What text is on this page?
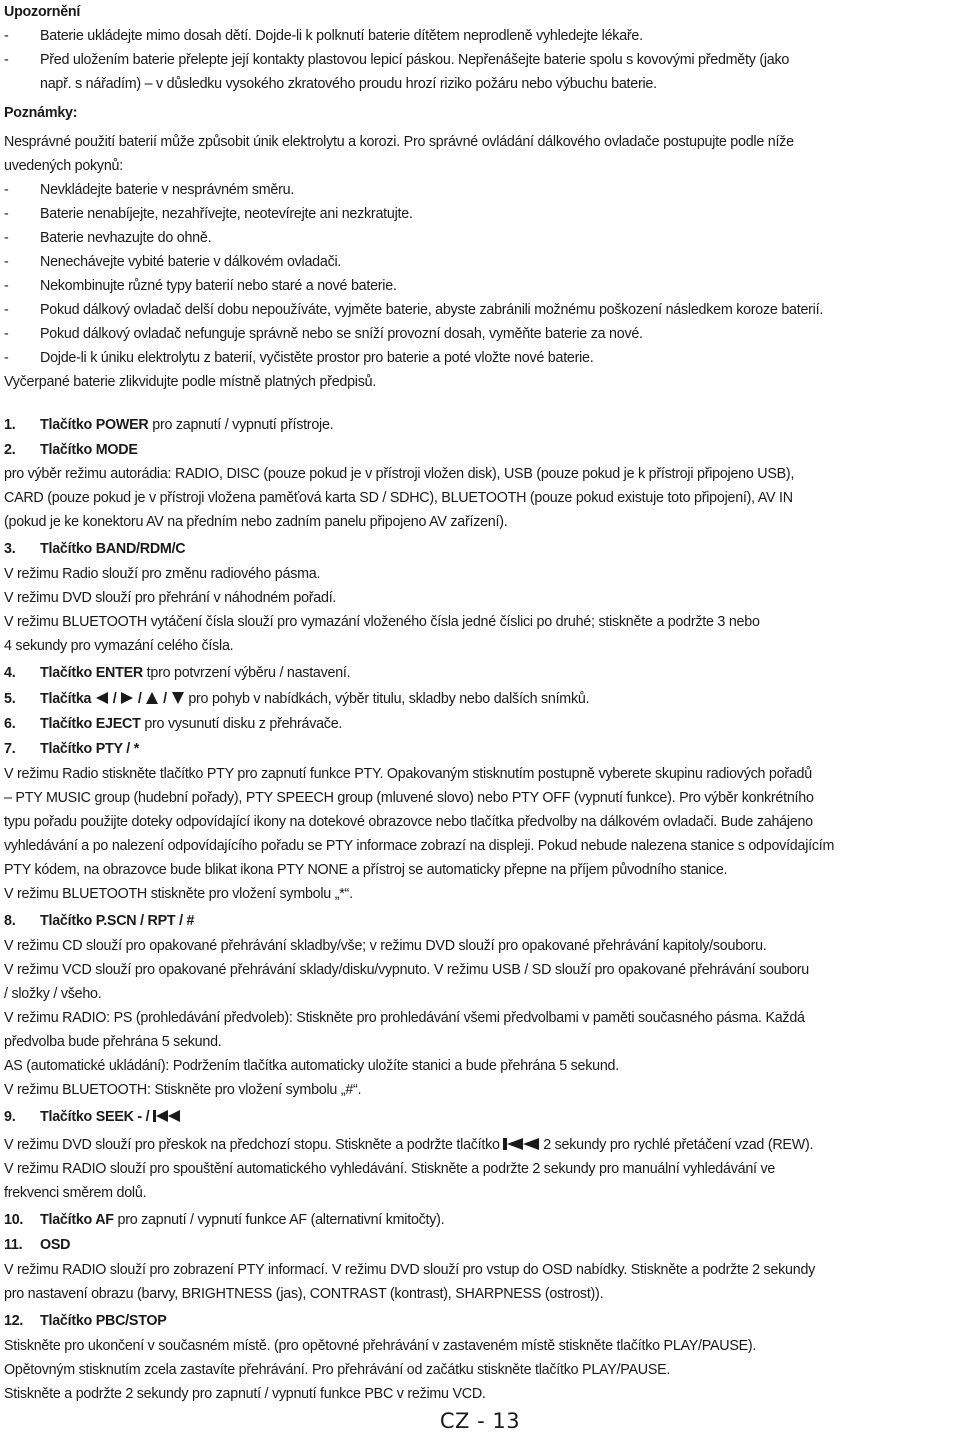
Upozornění
- Baterie ukládejte mimo dosah dětí. Dojde-li k polknutí baterie dítětem neprodleně vyhledejte lékaře.
- Před uložením baterie přelepte její kontakty plastovou lepicí páskou. Nepřenášejte baterie spolu s kovovými předměty (jako
např. s nářadím) – v důsledku vysokého zkratového proudu hrozí riziko požáru nebo výbuchu baterie.
Poznámky:
Nesprávné použití baterií může způsobit únik elektrolytu a korozi. Pro správné ovládání dálkového ovladače postupujte podle níže
uvedených pokynů:
- Nevkládejte baterie v nesprávném směru.
- Baterie nenabíjejte, nezahřívejte, neotevírejte ani nezkratujte.
- Baterie nevhazujte do ohně.
- Nenechávejte vybité baterie v dálkovém ovladači.
- Nekombinujte různé typy baterií nebo staré a nové baterie.
- Pokud dálkový ovladač delší dobu nepoužíváte, vyjměte baterie, abyste zabránili možnému poškození následkem koroze baterií.
- Pokud dálkový ovladač nefunguje správně nebo se sníží provozní dosah, vyměňte baterie za nové.
- Dojde-li k úniku elektrolytu z baterií, vyčistěte prostor pro baterie a poté vložte nové baterie.
Vyčerpané baterie zlikvidujte podle místně platných předpisů.
1. Tlačítko POWER pro zapnutí / vypnutí přístroje.
2. Tlačítko MODE
pro výběr režimu autorádia: RADIO, DISC (pouze pokud je v přístroji vložen disk), USB (pouze pokud je k přístroji připojeno USB),
CARD (pouze pokud je v přístroji vložena paměťová karta SD / SDHC), BLUETOOTH (pouze pokud existuje toto připojení), AV IN
(pokud je ke konektoru AV na předním nebo zadním panelu připojeno AV zařízení).
3. Tlačítko BAND/RDM/C
V režimu Radio slouží pro změnu radiového pásma.
V režimu DVD slouží pro přehrání v náhodném pořadí.
V režimu BLUETOOTH vytáčení čísla slouží pro vymazání vloženého čísla jedné číslici po druhé; stiskněte a podržte 3 nebo
4 sekundy pro vymazání celého čísla.
4. Tlačítko ENTER tpro potvrzení výběru / nastavení.
5. Tlačítka / / /
pro pohyb v nabídkách, výběr titulu, skladby nebo dalších snímků.
6. Tlačítko EJECT pro vysunutí disku z přehrávače.
7. Tlačítko PTY / *
V režimu Radio stiskněte tlačítko PTY pro zapnutí funkce PTY. Opakovaným stisknutím postupně vyberete skupinu radiových pořadů
– PTY MUSIC group (hudební pořady), PTY SPEECH group (mluvené slovo) nebo PTY OFF (vypnutí funkce). Pro výběr konkrétního
typu pořadu použijte doteky odpovídající ikony na dotekové obrazovce nebo tlačítka předvolby na dálkovém ovladači. Bude zahájeno
vyhledávání a po nalezení odpovídajícího pořadu se PTY informace zobrazí na displeji. Pokud nebude nalezena stanice s odpovídajícím
PTY kódem, na obrazovce bude blikat ikona PTY NONE a přístroj se automaticky přepne na příjem původního stanice.
V režimu BLUETOOTH stiskněte pro vložení symbolu „*“.
8. Tlačítko P.SCN / RPT / #
V režimu CD slouží pro opakované přehrávání skladby/vše; v režimu DVD slouží pro opakované přehrávání kapitoly/souboru.
V režimu VCD slouží pro opakované přehrávání sklady/disku/vypnuto. V režimu USB / SD slouží pro opakované přehrávání souboru
/ složky / všeho.
V režimu RADIO: PS (prohledávání předvoleb): Stiskněte pro prohledávání všemi předvolbami v paměti současného pásma. Každá
předvolba bude přehrána 5 sekund.
AS (automatické ukládání): Podržením tlačítka automaticky uložíte stanici a bude přehrána 5 sekund.
V režimu BLUETOOTH: Stiskněte pro vložení symbolu „#“.
9. Tlačítko SEEK - /
V režimu DVD slouží pro přeskok na předchozí stopu. Stiskněte a podržte tlačítko	2 sekundy pro rychlé přetáčení vzad (REW).
V režimu RADIO slouží pro spouštění automatického vyhledávání. Stiskněte a podržte 2 sekundy pro manuální vyhledávání ve
frekvenci směrem dolů.
10. Tlačítko AF pro zapnutí / vypnutí funkce AF (alternativní kmitočty).
11. OSD
V režimu RADIO slouží pro zobrazení PTY informací. V režimu DVD slouží pro vstup do OSD nabídky. Stiskněte a podržte 2 sekundy
pro nastavení obrazu (barvy, BRIGHTNESS (jas), CONTRAST (kontrast), SHARPNESS (ostrost)).
12. Tlačítko PBC/STOP
Stiskněte pro ukončení v současném místě. (pro opětovné přehrávání v zastaveném místě stiskněte tlačítko PLAY/PAUSE).
Opětovným stisknutím zcela zastavíte přehrávání. Pro přehrávání od začátku stiskněte tlačítko PLAY/PAUSE.
Stiskněte a podržte 2 sekundy pro zapnutí / vypnutí funkce PBC v režimu VCD.
CZ - 13
